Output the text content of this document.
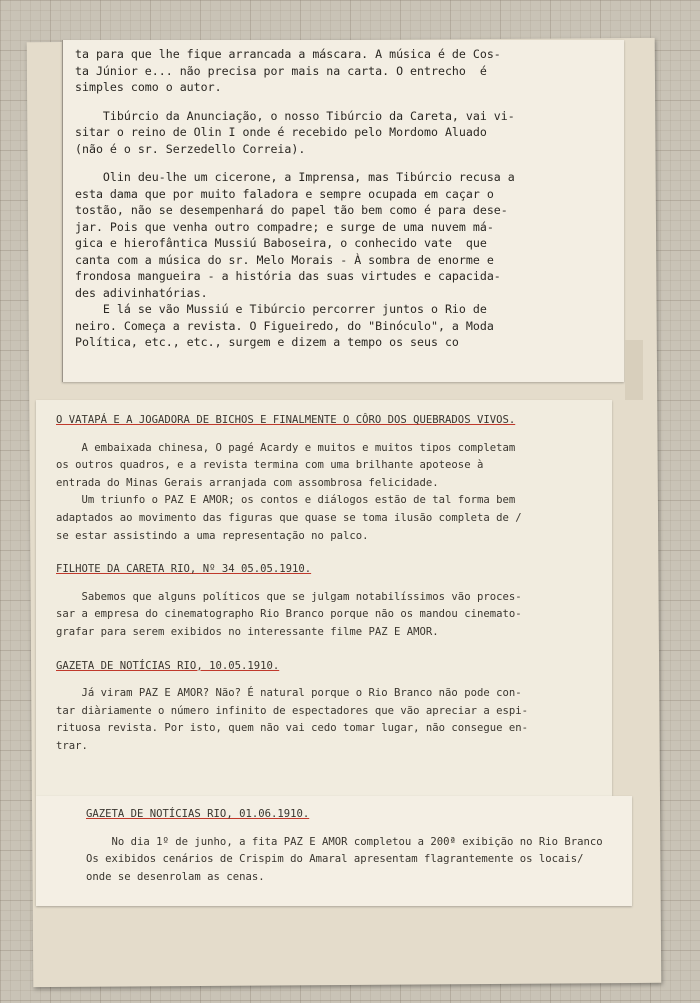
ta para que lhe fique arrancada a máscara. A música é de Cos-
ta Júnior e... não precisa por mais na carta. O entrecho  é
simples como o autor.
Tibúrcio da Anunciação, o nosso Tibúrcio da Careta, vai vi-
sitar o reino de Olin I onde é recebido pelo Mordomo Aluado
(não é o sr. Serzedello Correia).
Olin deu-lhe um cicerone, a Imprensa, mas Tibúrcio recusa a
esta dama que por muito faladora e sempre ocupada em caçar o
tostão, não se desempenhará do papel tão bem como é para dese-
jar. Pois que venha outro compadre; e surge de uma nuvem má-
gica e hierofântica Mussiú Baboseira, o conhecido vate  que
canta com a música do sr. Melo Morais - À sombra de enorme e
frondosa mangueira - a história das suas virtudes e capacida-
des adivinhatórias.
E lá se vão Mussiú e Tibúrcio percorrer juntos o Rio de
neiro. Começa a revista. O Figueiredo, do "Binóculo", a Moda
Política, etc., etc., surgem e dizem a tempo os seus co
O VATAPÁ E A JOGADORA DE BICHOS E FINALMENTE O CÔRO DOS QUEBRADOS VIVOS.
A embaixada chinesa, O pagé Acardy e muitos e muitos tipos completam
os outros quadros, e a revista termina com uma brilhante apoteose à
entrada do Minas Gerais arranjada com assombrosa felicidade.
Um triunfo o PAZ E AMOR; os contos e diálogos estão de tal forma bem
adaptados ao movimento das figuras que quase se toma ilusão completa de /
se estar assistindo a uma representação no palco.
FILHOTE DA CARETA RIO, Nº 34 05.05.1910.
Sabemos que alguns políticos que se julgam notabilíssimos vão proces-
sar a empresa do cinematographo Rio Branco porque não os mandou cinemato-
grafar para serem exibidos no interessante filme PAZ E AMOR.
GAZETA DE NOTÍCIAS RIO, 10.05.1910.
Já viram PAZ E AMOR? Não? É natural porque o Rio Branco não pode con-
tar diàriamente o número infinito de espectadores que vão apreciar a espi-
rituosa revista. Por isto, quem não vai cedo tomar lugar, não consegue en-
trar.
GAZETA DE NOTÍCIAS RIO, 01.06.1910.
No dia 1º de junho, a fita PAZ E AMOR completou a 200ª exibição no Rio Branco
Os exibidos cenários de Crispim do Amaral apresentam flagrantemente os locais/
onde se desenrolam as cenas.
